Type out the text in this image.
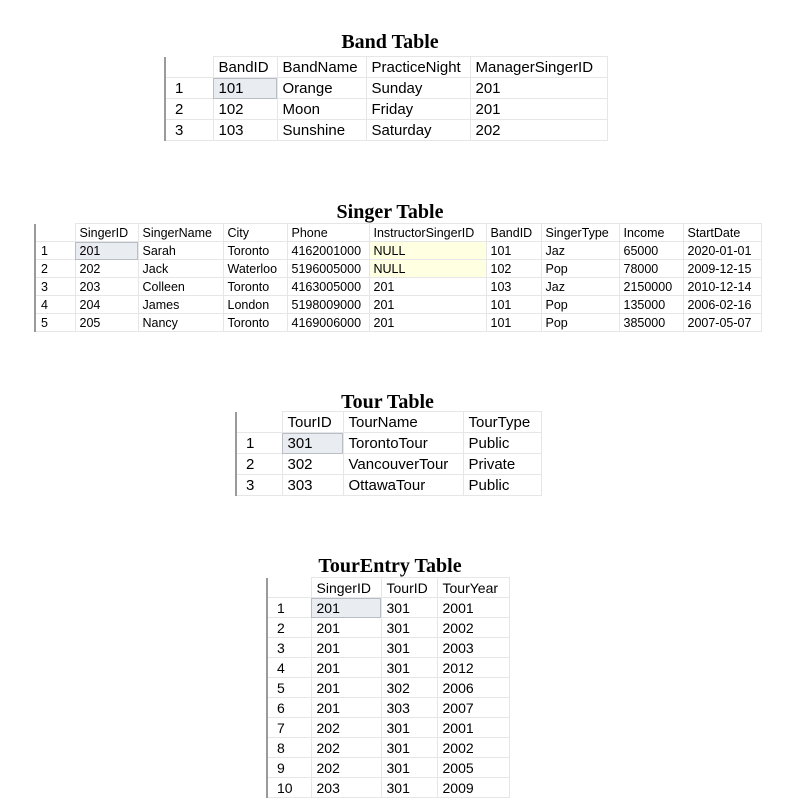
Band Table
	BandID	BandName	PracticeNight	ManagerSingerID
1	101	Orange	Sunday	201
2	102	Moon	Friday	201
3	103	Sunshine	Saturday	202
Singer Table
	SingerID	SingerName	City	Phone	InstructorSingerID	BandID	SingerType	Income	StartDate
1	201	Sarah	Toronto	4162001000	NULL	101	Jaz	65000	2020-01-01
2	202	Jack	Waterloo	5196005000	NULL	102	Pop	78000	2009-12-15
3	203	Colleen	Toronto	4163005000	201	103	Jaz	2150000	2010-12-14
4	204	James	London	5198009000	201	101	Pop	135000	2006-02-16
5	205	Nancy	Toronto	4169006000	201	101	Pop	385000	2007-05-07
Tour Table
	TourID	TourName	TourType
1	301	TorontoTour	Public
2	302	VancouverTour	Private
3	303	OttawaTour	Public
TourEntry Table
	SingerID	TourID	TourYear
1	201	301	2001
2	201	301	2002
3	201	301	2003
4	201	301	2012
5	201	302	2006
6	201	303	2007
7	202	301	2001
8	202	301	2002
9	202	301	2005
10	203	301	2009
